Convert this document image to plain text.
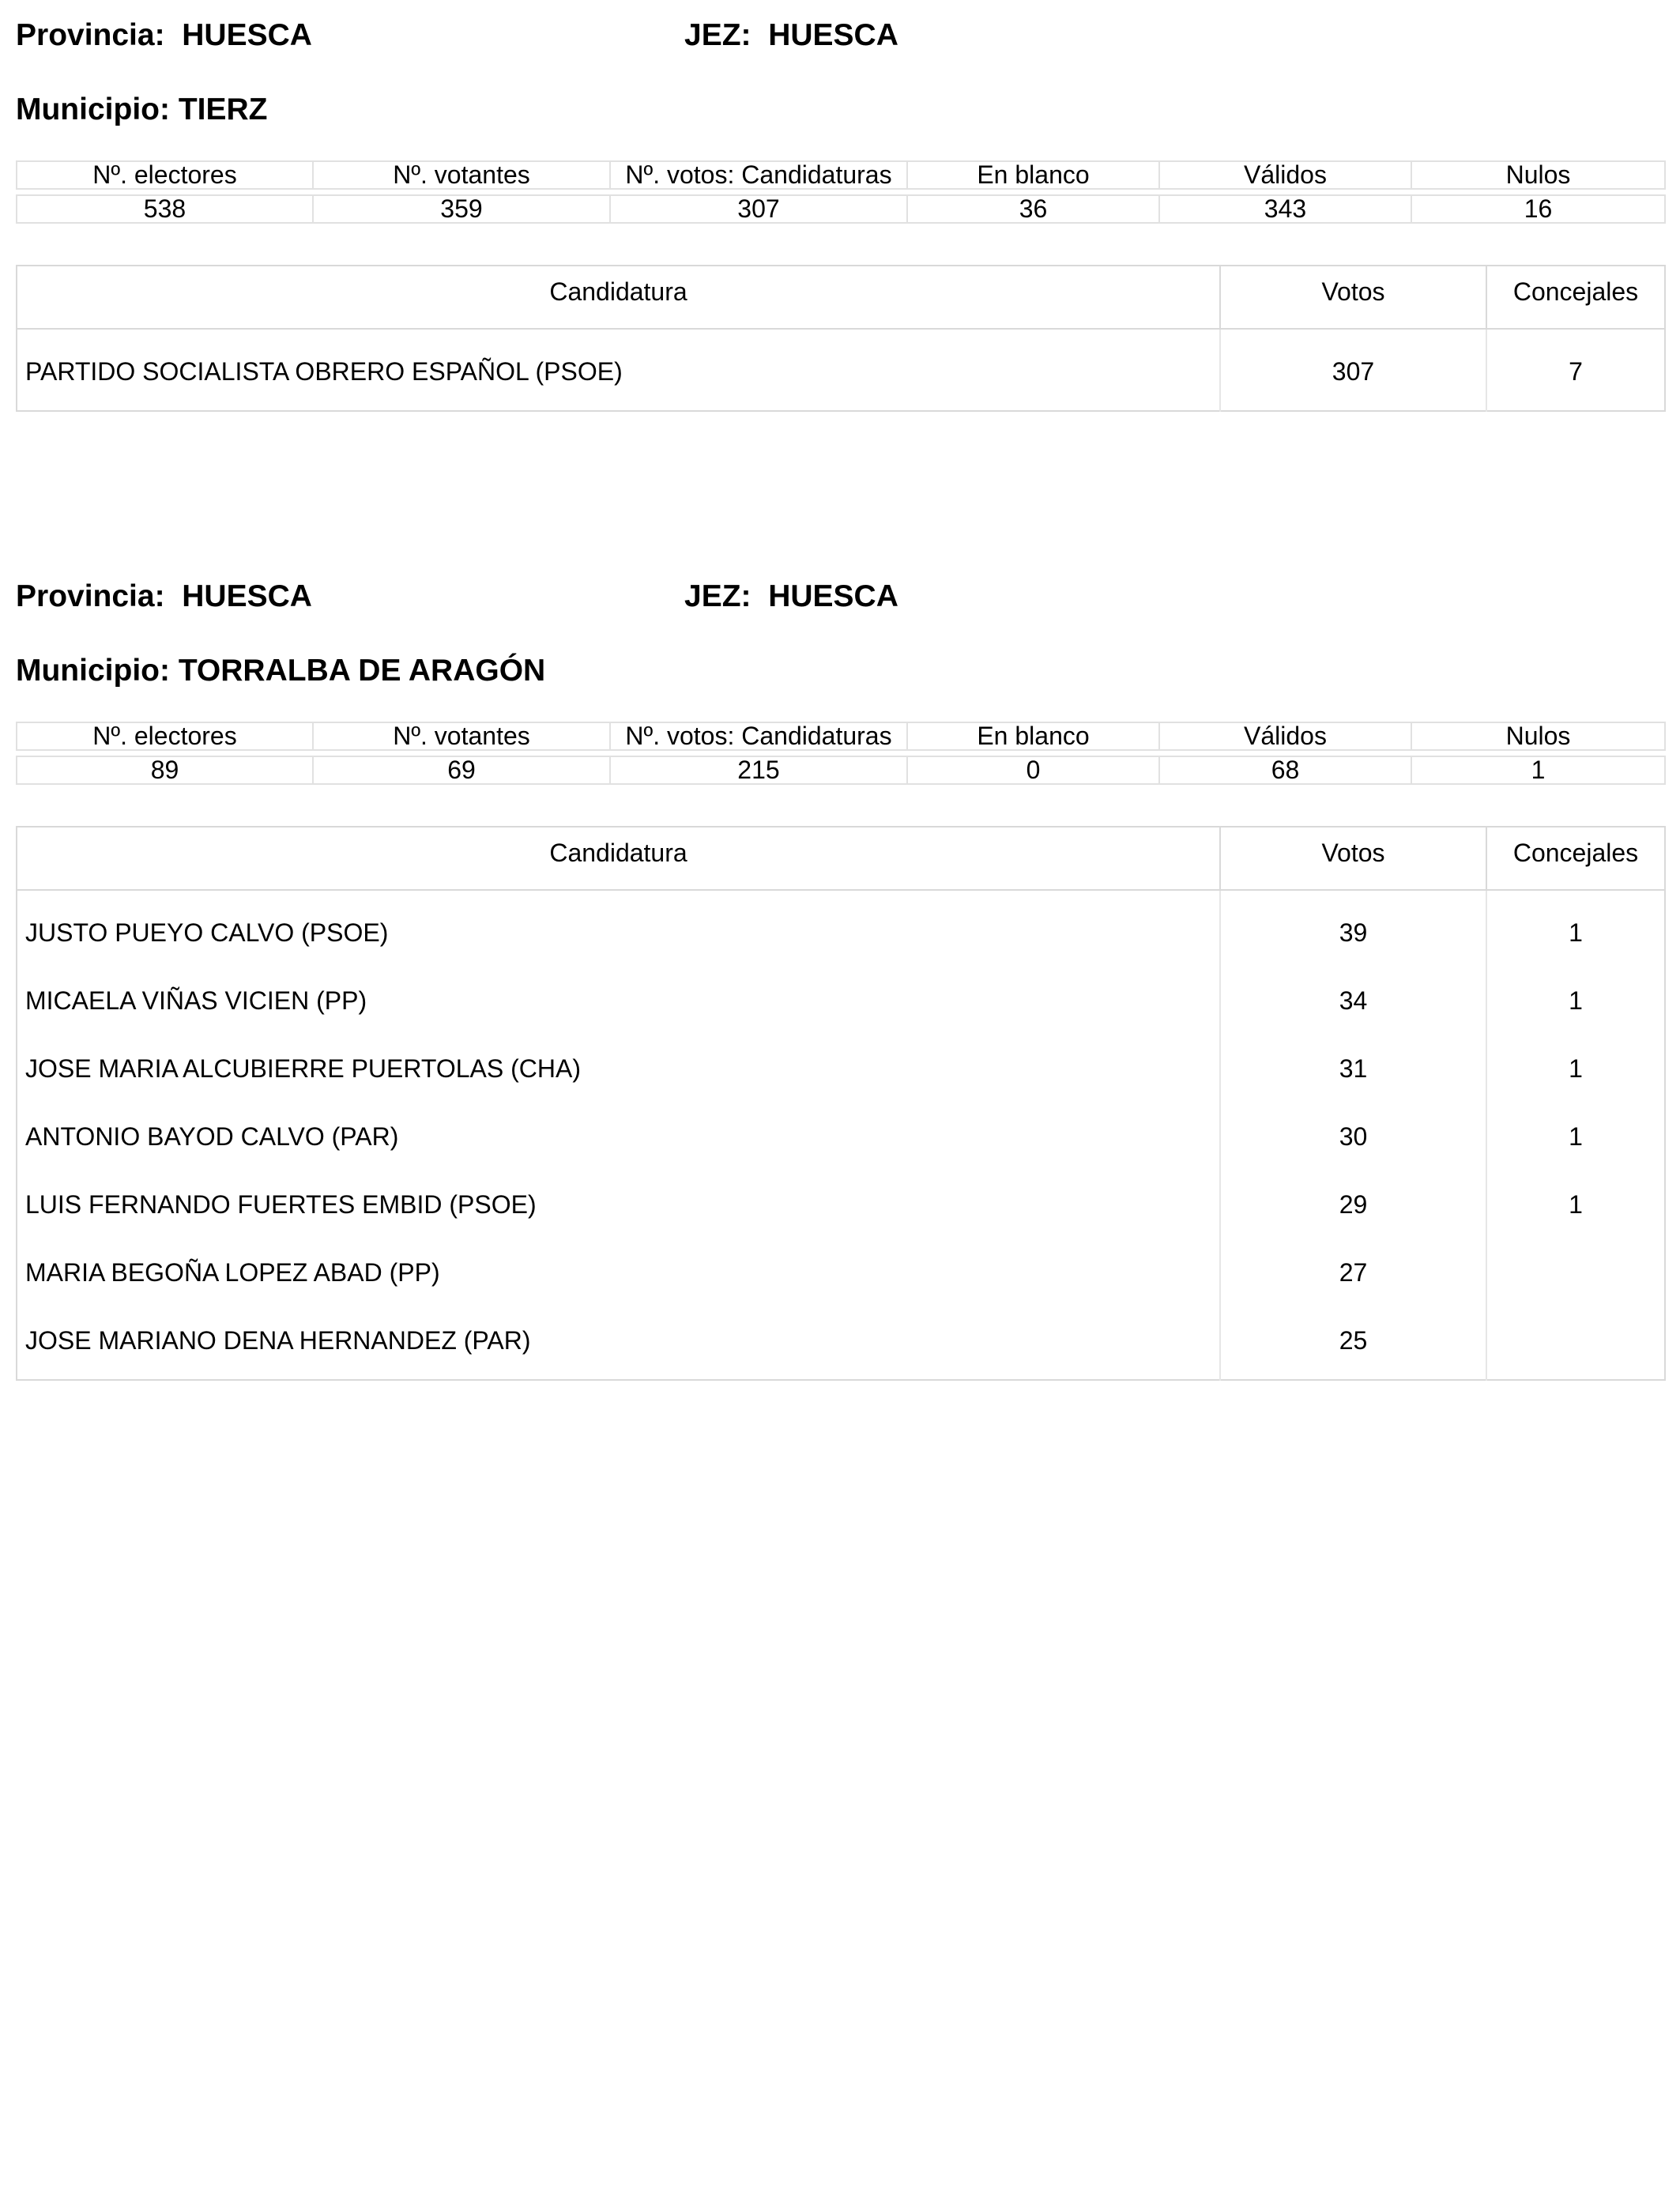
Provincia: HUESCA	JEZ: HUESCA
Municipio: TIERZ
Nº. electores	Nº. votantes	Nº. votos: Candidaturas	En blanco	Válidos	Nulos

538	359	307	36	343	16
Candidatura	Votos	Concejales
PARTIDO SOCIALISTA OBRERO ESPAÑOL (PSOE)	307	7
Provincia: HUESCA	JEZ: HUESCA
Municipio: TORRALBA DE ARAGÓN
Nº. electores	Nº. votantes	Nº. votos: Candidaturas	En blanco	Válidos	Nulos

89	69	215	0	68	1
Candidatura	Votos	Concejales
JUSTO PUEYO CALVO (PSOE)	39	1
MICAELA VIÑAS VICIEN (PP)	34	1
JOSE MARIA ALCUBIERRE PUERTOLAS (CHA)	31	1
ANTONIO BAYOD CALVO (PAR)	30	1
LUIS FERNANDO FUERTES EMBID (PSOE)	29	1
MARIA BEGOÑA LOPEZ ABAD (PP)	27	
JOSE MARIANO DENA HERNANDEZ (PAR)	25	
